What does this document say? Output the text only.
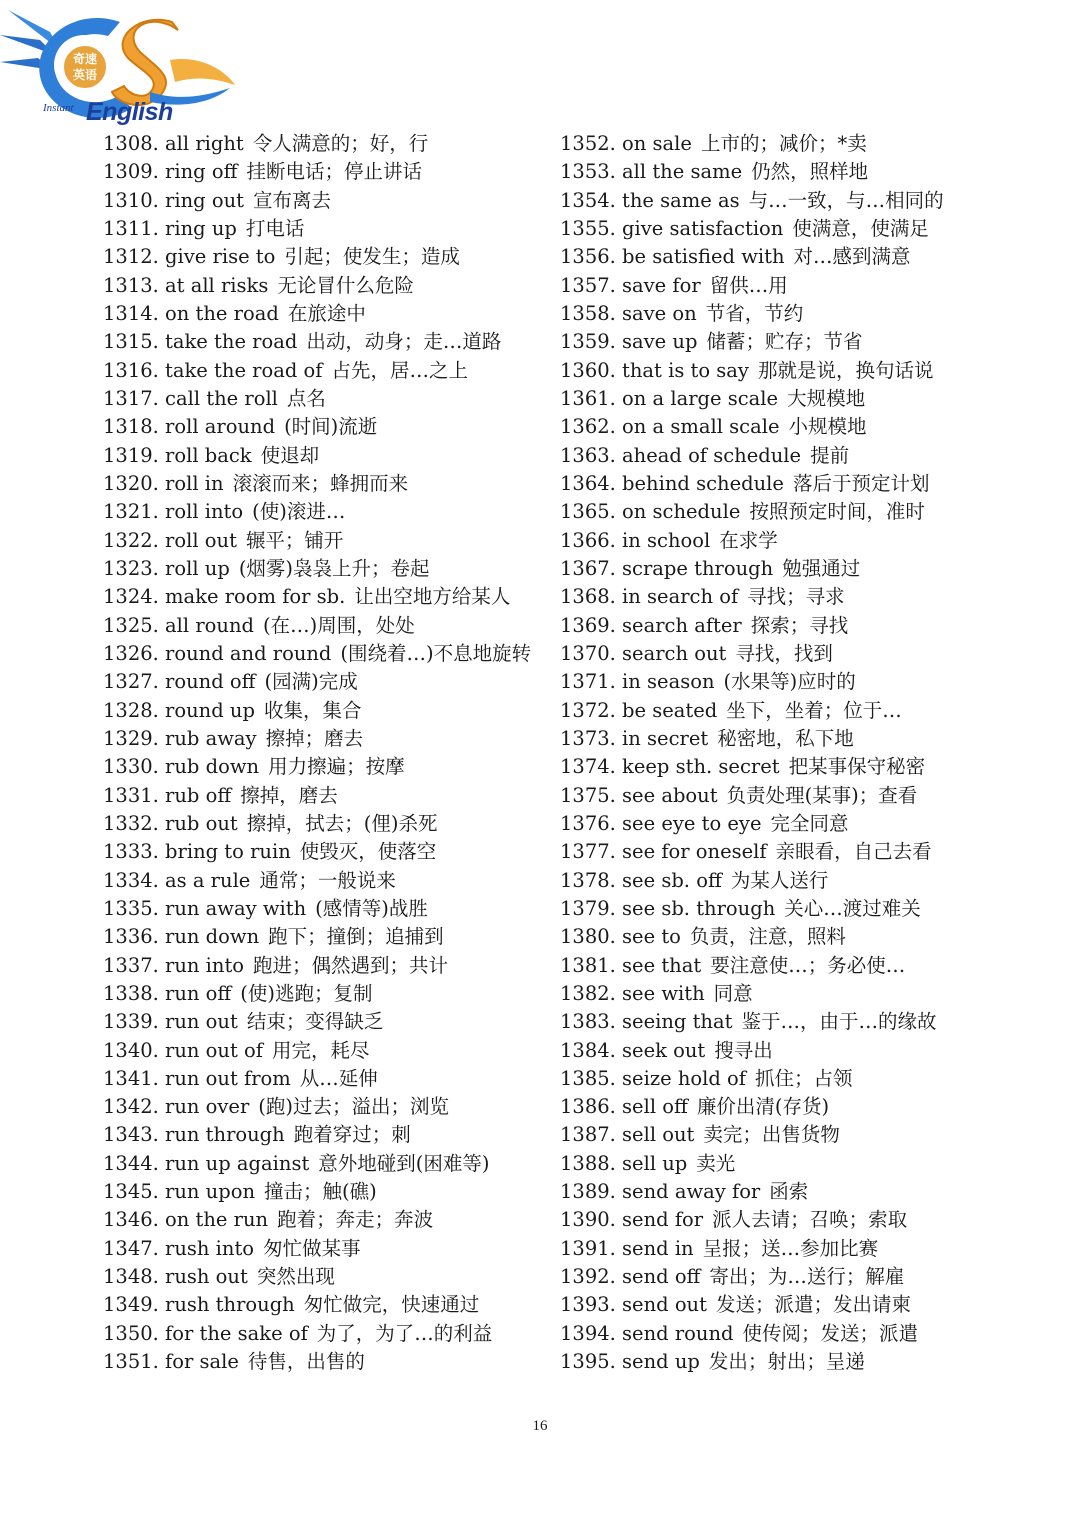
奇速
英语
Instant English
1308. all right 令人满意的；好，行
1309. ring off 挂断电话；停止讲话
1310. ring out 宣布离去
1311. ring up 打电话
1312. give rise to 引起；使发生；造成
1313. at all risks 无论冒什么危险
1314. on the road 在旅途中
1315. take the road 出动，动身；走…道路
1316. take the road of 占先，居…之上
1317. call the roll 点名
1318. roll around (时间)流逝
1319. roll back 使退却
1320. roll in 滚滚而来；蜂拥而来
1321. roll into (使)滚进…
1322. roll out 辗平；铺开
1323. roll up (烟雾)袅袅上升；卷起
1324. make room for sb. 让出空地方给某人
1325. all round (在…)周围，处处
1326. round and round (围绕着…)不息地旋转
1327. round off (园满)完成
1328. round up 收集，集合
1329. rub away 擦掉；磨去
1330. rub down 用力擦遍；按摩
1331. rub off 擦掉，磨去
1332. rub out 擦掉，拭去；(俚)杀死
1333. bring to ruin 使毁灭，使落空
1334. as a rule 通常；一般说来
1335. run away with (感情等)战胜
1336. run down 跑下；撞倒；追捕到
1337. run into 跑进；偶然遇到；共计
1338. run off (使)逃跑；复制
1339. run out 结束；变得缺乏
1340. run out of 用完，耗尽
1341. run out from 从…延伸
1342. run over (跑)过去；溢出；浏览
1343. run through 跑着穿过；刺
1344. run up against 意外地碰到(困难等)
1345. run upon 撞击；触(礁)
1346. on the run 跑着；奔走；奔波
1347. rush into 匆忙做某事
1348. rush out 突然出现
1349. rush through 匆忙做完，快速通过
1350. for the sake of 为了，为了…的利益
1351. for sale 待售，出售的
1352. on sale 上市的；减价；*卖
1353. all the same 仍然，照样地
1354. the same as 与…一致，与…相同的
1355. give satisfaction 使满意，使满足
1356. be satisfied with 对…感到满意
1357. save for 留供…用
1358. save on 节省，节约
1359. save up 储蓄；贮存；节省
1360. that is to say 那就是说，换句话说
1361. on a large scale 大规模地
1362. on a small scale 小规模地
1363. ahead of schedule 提前
1364. behind schedule 落后于预定计划
1365. on schedule 按照预定时间，准时
1366. in school 在求学
1367. scrape through 勉强通过
1368. in search of 寻找；寻求
1369. search after 探索；寻找
1370. search out 寻找，找到
1371. in season (水果等)应时的
1372. be seated 坐下，坐着；位于…
1373. in secret 秘密地，私下地
1374. keep sth. secret 把某事保守秘密
1375. see about 负责处理(某事)；查看
1376. see eye to eye 完全同意
1377. see for oneself 亲眼看，自己去看
1378. see sb. off 为某人送行
1379. see sb. through 关心…渡过难关
1380. see to 负责，注意，照料
1381. see that 要注意使…；务必使…
1382. see with 同意
1383. seeing that 鉴于…，由于…的缘故
1384. seek out 搜寻出
1385. seize hold of 抓住；占领
1386. sell off 廉价出清(存货)
1387. sell out 卖完；出售货物
1388. sell up 卖光
1389. send away for 函索
1390. send for 派人去请；召唤；索取
1391. send in 呈报；送…参加比赛
1392. send off 寄出；为…送行；解雇
1393. send out 发送；派遣；发出请柬
1394. send round 使传阅；发送；派遣
1395. send up 发出；射出；呈递
16
